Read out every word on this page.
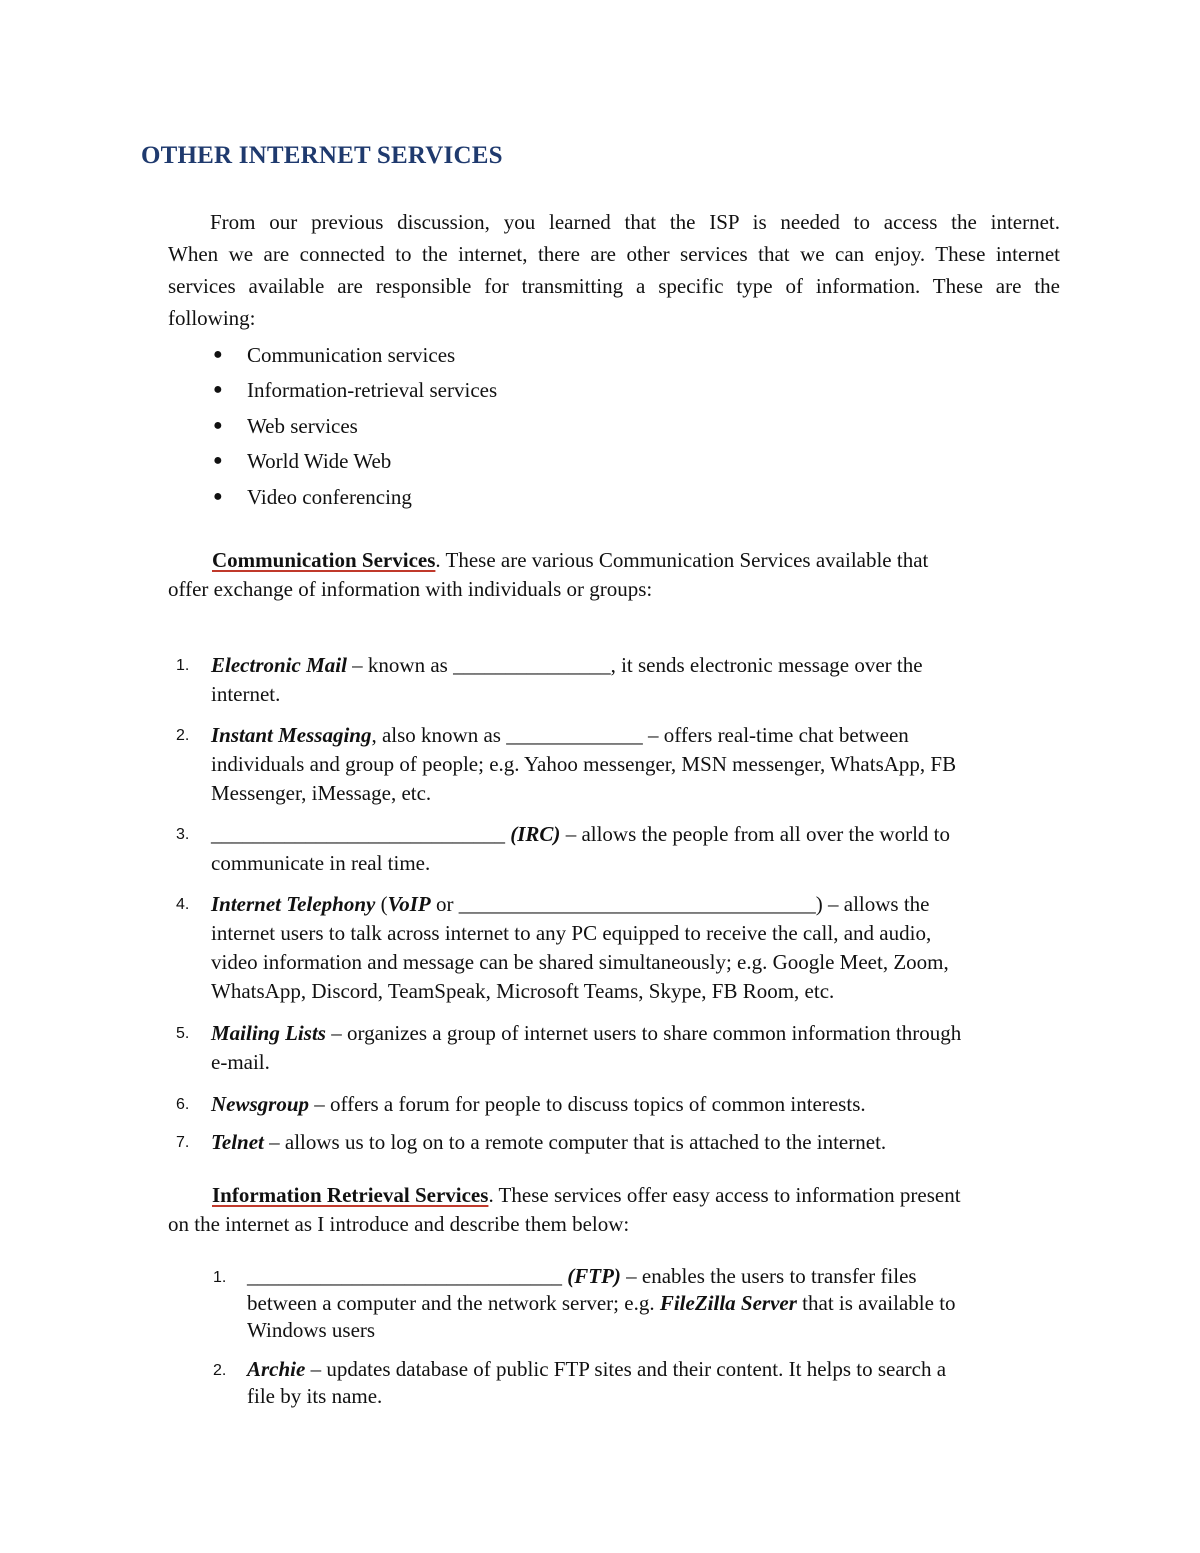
OTHER INTERNET SERVICES
From our previous discussion, you learned that the ISP is needed to access the internet.
When we are connected to the internet, there are other services that we can enjoy. These internet
services available are responsible for transmitting a specific type of information. These are the
following:
● Communication services
● Information-retrieval services
● Web services
● World Wide Web
● Video conferencing
Communication Services. These are various Communication Services available that
offer exchange of information with individuals or groups:
1. Electronic Mail – known as _______________, it sends electronic message over the
internet.
2. Instant Messaging, also known as _____________ – offers real-time chat between
individuals and group of people; e.g. Yahoo messenger, MSN messenger, WhatsApp, FB
Messenger, iMessage, etc.
3. ____________________________ (IRC) – allows the people from all over the world to
communicate in real time.
4. Internet Telephony (VoIP or __________________________________) – allows the
internet users to talk across internet to any PC equipped to receive the call, and audio,
video information and message can be shared simultaneously; e.g. Google Meet, Zoom,
WhatsApp, Discord, TeamSpeak, Microsoft Teams, Skype, FB Room, etc.
5. Mailing Lists – organizes a group of internet users to share common information through
e-mail.
6. Newsgroup – offers a forum for people to discuss topics of common interests.
7. Telnet – allows us to log on to a remote computer that is attached to the internet.
Information Retrieval Services. These services offer easy access to information present
on the internet as I introduce and describe them below:
1. ______________________________ (FTP) – enables the users to transfer files
between a computer and the network server; e.g. FileZilla Server that is available to
Windows users
2. Archie – updates database of public FTP sites and their content. It helps to search a
file by its name.
